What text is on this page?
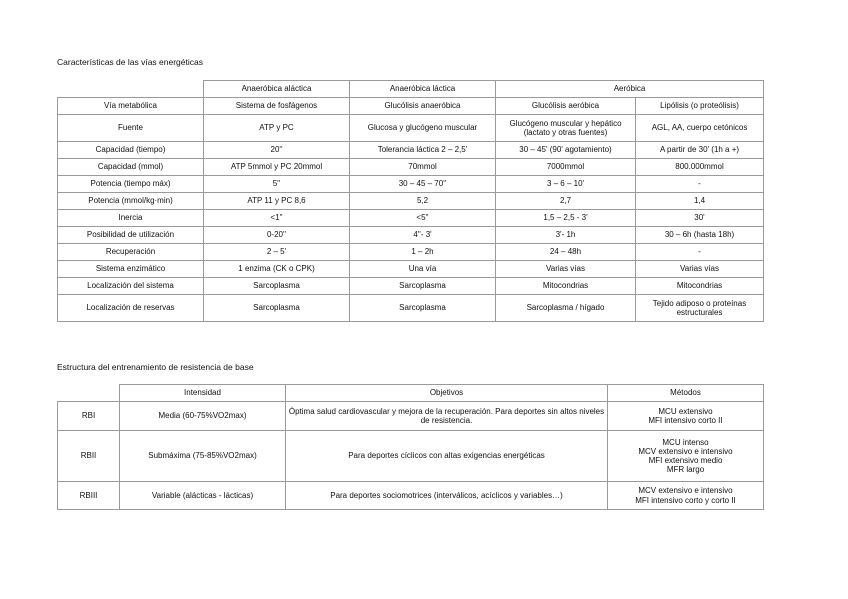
Características de las vías energéticas
	Anaeróbica aláctica	Anaeróbica láctica	Aeróbica	
Vía metabólica	Sistema de fosfágenos	Glucólisis anaeróbica	Glucólisis aeróbica	Lipólisis (o proteólisis)
Fuente	ATP y PC	Glucosa y glucógeno muscular	Glucógeno muscular y hepático (lactato y otras fuentes)	AGL, AA, cuerpo cetónicos
Capacidad (tiempo)	20''	Tolerancia láctica 2 – 2,5'	30 – 45' (90' agotamiento)	A partir de 30' (1h a +)
Capacidad (mmol)	ATP 5mmol y PC 20mmol	70mmol	7000mmol	800.000mmol
Potencia (tiempo máx)	5''	30 – 45 – 70''	3 – 6 – 10'	-
Potencia (mmol/kg·min)	ATP 11 y PC 8,6	5,2	2,7	1,4
Inercia	<1''	<5''	1,5 – 2,5 - 3'	30'
Posibilidad de utilización	0-20''	4''- 3'	3'- 1h	30 – 6h (hasta 18h)
Recuperación	2 – 5'	1 – 2h	24 – 48h	-
Sistema enzimático	1 enzima (CK o CPK)	Una vía	Varias vías	Varias vías
Localización del sistema	Sarcoplasma	Sarcoplasma	Mitocondrias	Mitocondrias
Localización de reservas	Sarcoplasma	Sarcoplasma	Sarcoplasma / hígado	Tejido adiposo o proteínas estructurales
Estructura del entrenamiento de resistencia de base
	Intensidad	Objetivos	Métodos
RBI	Media (60-75%VO2max)	Óptima salud cardiovascular y mejora de la recuperación. Para deportes sin altos niveles de resistencia.	MCU extensivo
MFI intensivo corto II

RBII	Submáxima (75-85%VO2max)	Para deportes cíclicos con altas exigencias energéticas	MCU intenso
MCV extensivo e intensivo
MFI extensivo medio
MFR largo

RBIII	Variable (alácticas - lácticas)	Para deportes sociomotrices (interválicos, acíclicos y variables…)	MCV extensivo e intensivo
MFI intensivo corto y corto II
